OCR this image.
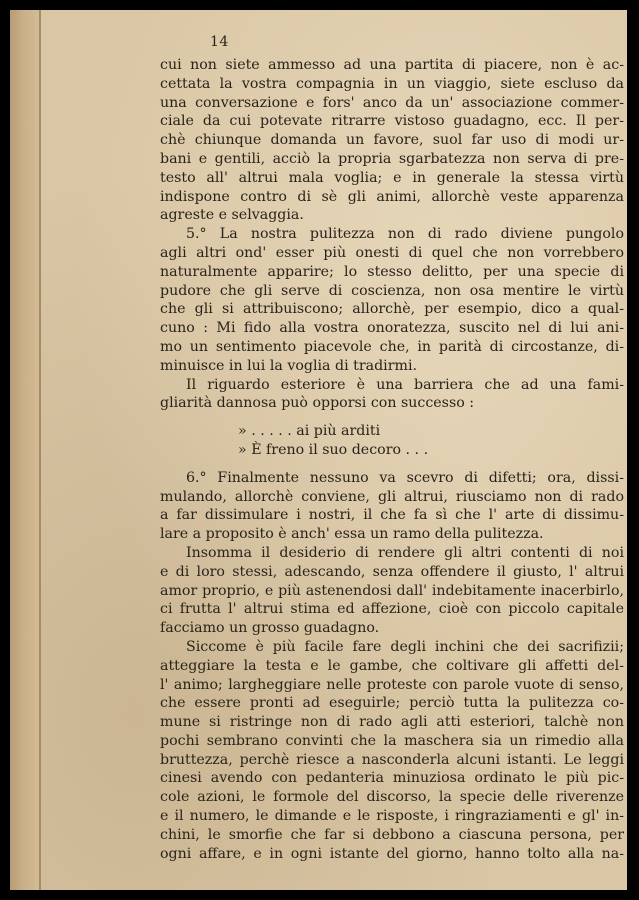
14
cui non siete ammesso ad una partita di piacere, non è ac-
cettata la vostra compagnia in un viaggio, siete escluso da
una conversazione e fors' anco da un' associazione commer-
ciale da cui potevate ritrarre vistoso guadagno, ecc. Il per-
chè chiunque domanda un favore, suol far uso di modi ur-
bani e gentili, acciò la propria sgarbatezza non serva di pre-
testo all' altrui mala voglia; e in generale la stessa virtù
indispone contro di sè gli animi, allorchè veste apparenza
agreste e selvaggia.
5.° La nostra pulitezza non di rado diviene pungolo
agli altri ond' esser più onesti di quel che non vorrebbero
naturalmente apparire; lo stesso delitto, per una specie di
pudore che gli serve di coscienza, non osa mentire le virtù
che gli si attribuiscono; allorchè, per esempio, dico a qual-
cuno : Mi fido alla vostra onoratezza, suscito nel di lui ani-
mo un sentimento piacevole che, in parità di circostanze, di-
minuisce in lui la voglia di tradirmi.
Il riguardo esteriore è una barriera che ad una fami-
gliarità dannosa può opporsi con successo :
» . . . . . ai più arditi
» È freno il suo decoro . . .
6.° Finalmente nessuno va scevro di difetti; ora, dissi-
mulando, allorchè conviene, gli altrui, riusciamo non di rado
a far dissimulare i nostri, il che fa sì che l' arte di dissimu-
lare a proposito è anch' essa un ramo della pulitezza.
Insomma il desiderio di rendere gli altri contenti di noi
e di loro stessi, adescando, senza offendere il giusto, l' altrui
amor proprio, e più astenendosi dall' indebitamente inacerbirlo,
ci frutta l' altrui stima ed affezione, cioè con piccolo capitale
facciamo un grosso guadagno.
Siccome è più facile fare degli inchini che dei sacrifizii;
atteggiare la testa e le gambe, che coltivare gli affetti del-
l' animo; largheggiare nelle proteste con parole vuote di senso,
che essere pronti ad eseguirle; perciò tutta la pulitezza co-
mune si ristringe non di rado agli atti esteriori, talchè non
pochi sembrano convinti che la maschera sia un rimedio alla
bruttezza, perchè riesce a nasconderla alcuni istanti. Le leggi
cinesi avendo con pedanteria minuziosa ordinato le più pic-
cole azioni, le formole del discorso, la specie delle riverenze
e il numero, le dimande e le risposte, i ringraziamenti e gl' in-
chini, le smorfie che far si debbono a ciascuna persona, per
ogni affare, e in ogni istante del giorno, hanno tolto alla na-
